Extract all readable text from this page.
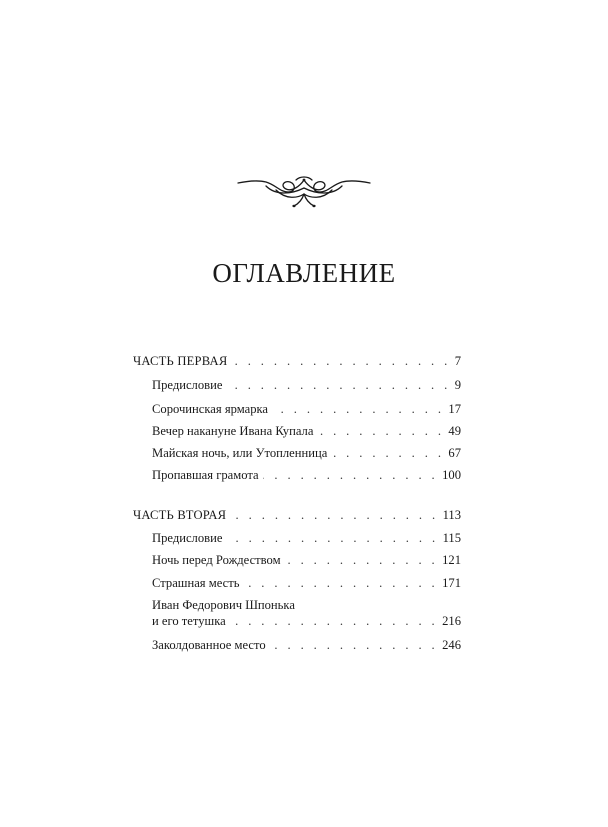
ОГЛАВЛЕНИЕ
ЧАСТЬ ПЕРВАЯ . . .	7
Предисловие . . .	9
Сорочинская ярмарка . . .	17
Вечер накануне Ивана Купала . . .	49
Майская ночь, или Утопленница . . .	67
Пропавшая грамота . . .	100
ЧАСТЬ ВТОРАЯ . . .	113
Предисловие . . .	115
Ночь перед Рождеством . . .	121
Страшная месть . . .	171
Иван Федорович Шпонька
и его тетушка . . .	216
Заколдованное место . . .	246
